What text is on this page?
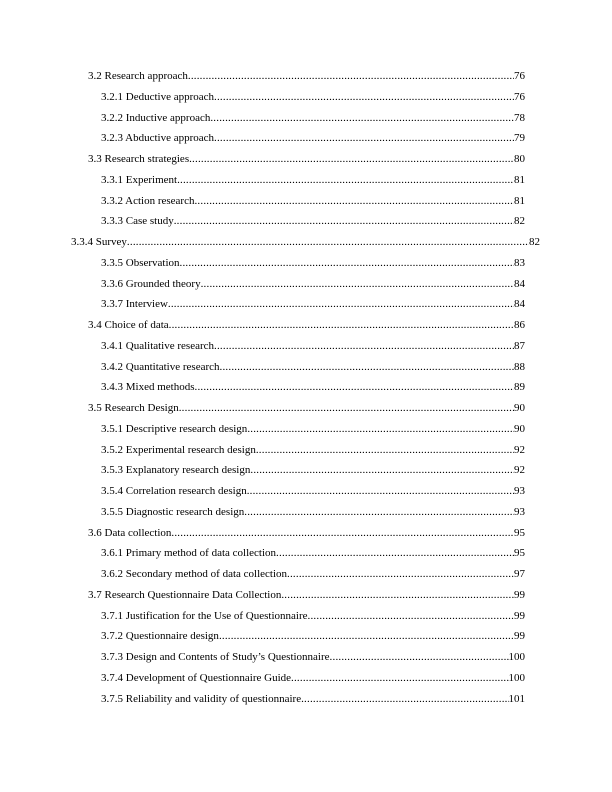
3.2 Research approach .....	76
3.2.1 Deductive approach .....	76
3.2.2 Inductive approach .....	78
3.2.3 Abductive approach .....	79
3.3 Research strategies .....	80
3.3.1 Experiment .....	81
3.3.2 Action research .....	81
3.3.3 Case study .....	82
3.3.4 Survey .....	82
3.3.5 Observation .....	83
3.3.6 Grounded theory .....	84
3.3.7 Interview .....	84
3.4 Choice of data .....	86
3.4.1 Qualitative research .....	87
3.4.2 Quantitative research .....	88
3.4.3 Mixed methods .....	89
3.5 Research Design .....	90
3.5.1 Descriptive research design .....	90
3.5.2 Experimental research design .....	92
3.5.3 Explanatory research design .....	92
3.5.4 Correlation research design .....	93
3.5.5 Diagnostic research design .....	93
3.6 Data collection .....	95
3.6.1 Primary method of data collection .....	95
3.6.2 Secondary method of data collection .....	97
3.7 Research Questionnaire Data Collection .....	99
3.7.1 Justification for the Use of Questionnaire .....	99
3.7.2 Questionnaire design .....	99
3.7.3 Design and Contents of Study’s Questionnaire .....	100
3.7.4 Development of Questionnaire Guide .....	100
3.7.5 Reliability and validity of questionnaire .....	101
